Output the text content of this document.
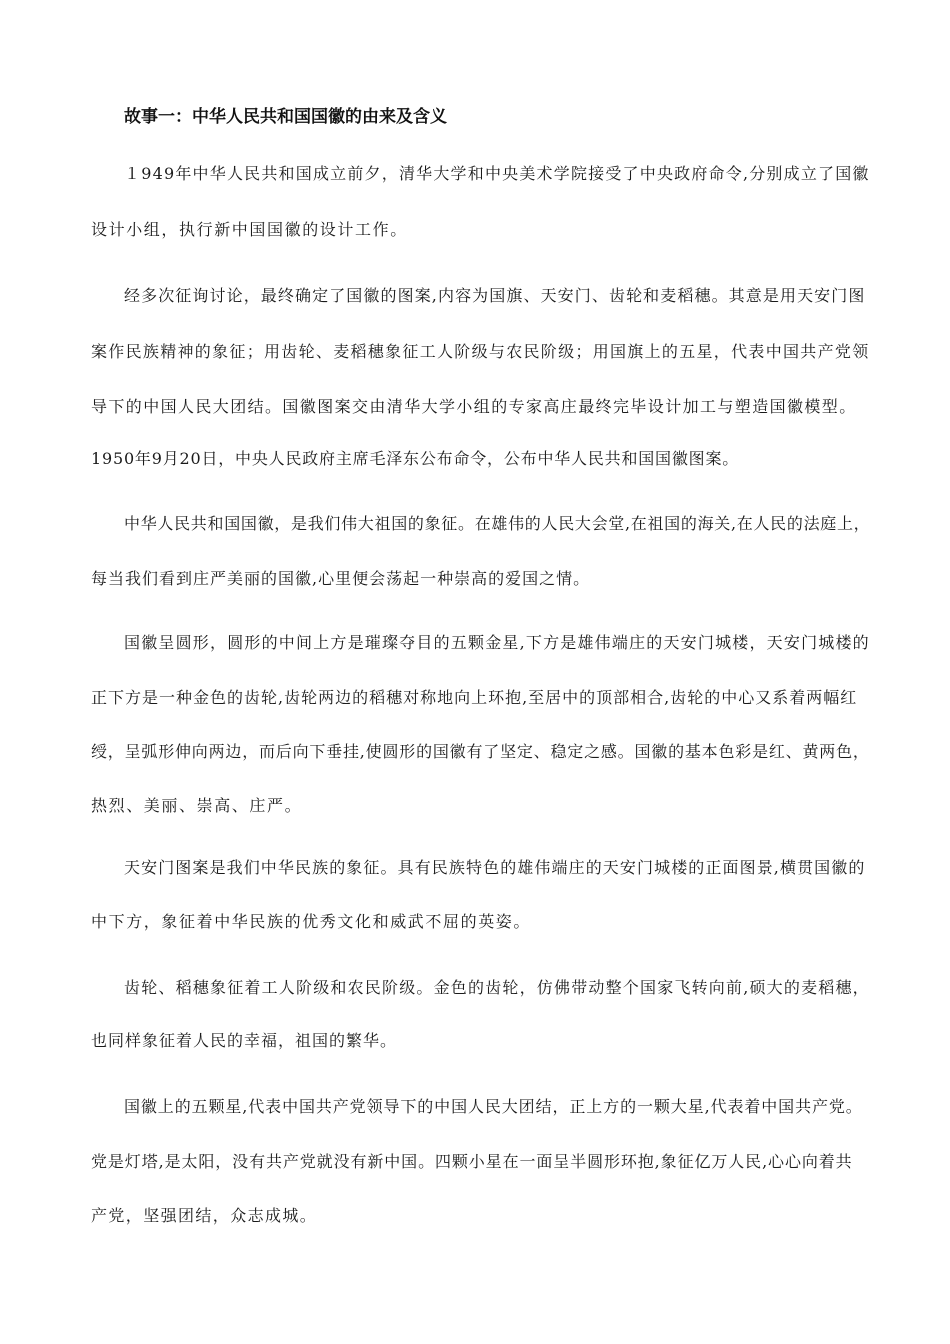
故事一：中华人民共和国国徽的由来及含义

１949年中华人民共和国成立前夕，清华大学和中央美术学院接受了中央政府命令,分别成立了国徽

设计小组，执行新中国国徽的设计工作。

经多次征询讨论，最终确定了国徽的图案,内容为国旗、天安门、齿轮和麦稻穗。其意是用天安门图

案作民族精神的象征；用齿轮、麦稻穗象征工人阶级与农民阶级；用国旗上的五星，代表中国共产党领

导下的中国人民大团结。国徽图案交由清华大学小组的专家高庄最终完毕设计加工与塑造国徽模型。

1950年9月20日，中央人民政府主席毛泽东公布命令，公布中华人民共和国国徽图案。

中华人民共和国国徽，是我们伟大祖国的象征。在雄伟的人民大会堂,在祖国的海关,在人民的法庭上，

每当我们看到庄严美丽的国徽,心里便会荡起一种崇高的爱国之情。

国徽呈圆形，圆形的中间上方是璀璨夺目的五颗金星,下方是雄伟端庄的天安门城楼，天安门城楼的

正下方是一种金色的齿轮,齿轮两边的稻穗对称地向上环抱,至居中的顶部相合,齿轮的中心又系着两幅红

绶，呈弧形伸向两边，而后向下垂挂,使圆形的国徽有了坚定、稳定之感。国徽的基本色彩是红、黄两色，

热烈、美丽、崇高、庄严。

天安门图案是我们中华民族的象征。具有民族特色的雄伟端庄的天安门城楼的正面图景,横贯国徽的

中下方，象征着中华民族的优秀文化和威武不屈的英姿。

齿轮、稻穗象征着工人阶级和农民阶级。金色的齿轮，仿佛带动整个国家飞转向前,硕大的麦稻穗，

也同样象征着人民的幸福，祖国的繁华。

国徽上的五颗星,代表中国共产党领导下的中国人民大团结，正上方的一颗大星,代表着中国共产党。

党是灯塔,是太阳，没有共产党就没有新中国。四颗小星在一面呈半圆形环抱,象征亿万人民,心心向着共

产党，坚强团结，众志成城。
